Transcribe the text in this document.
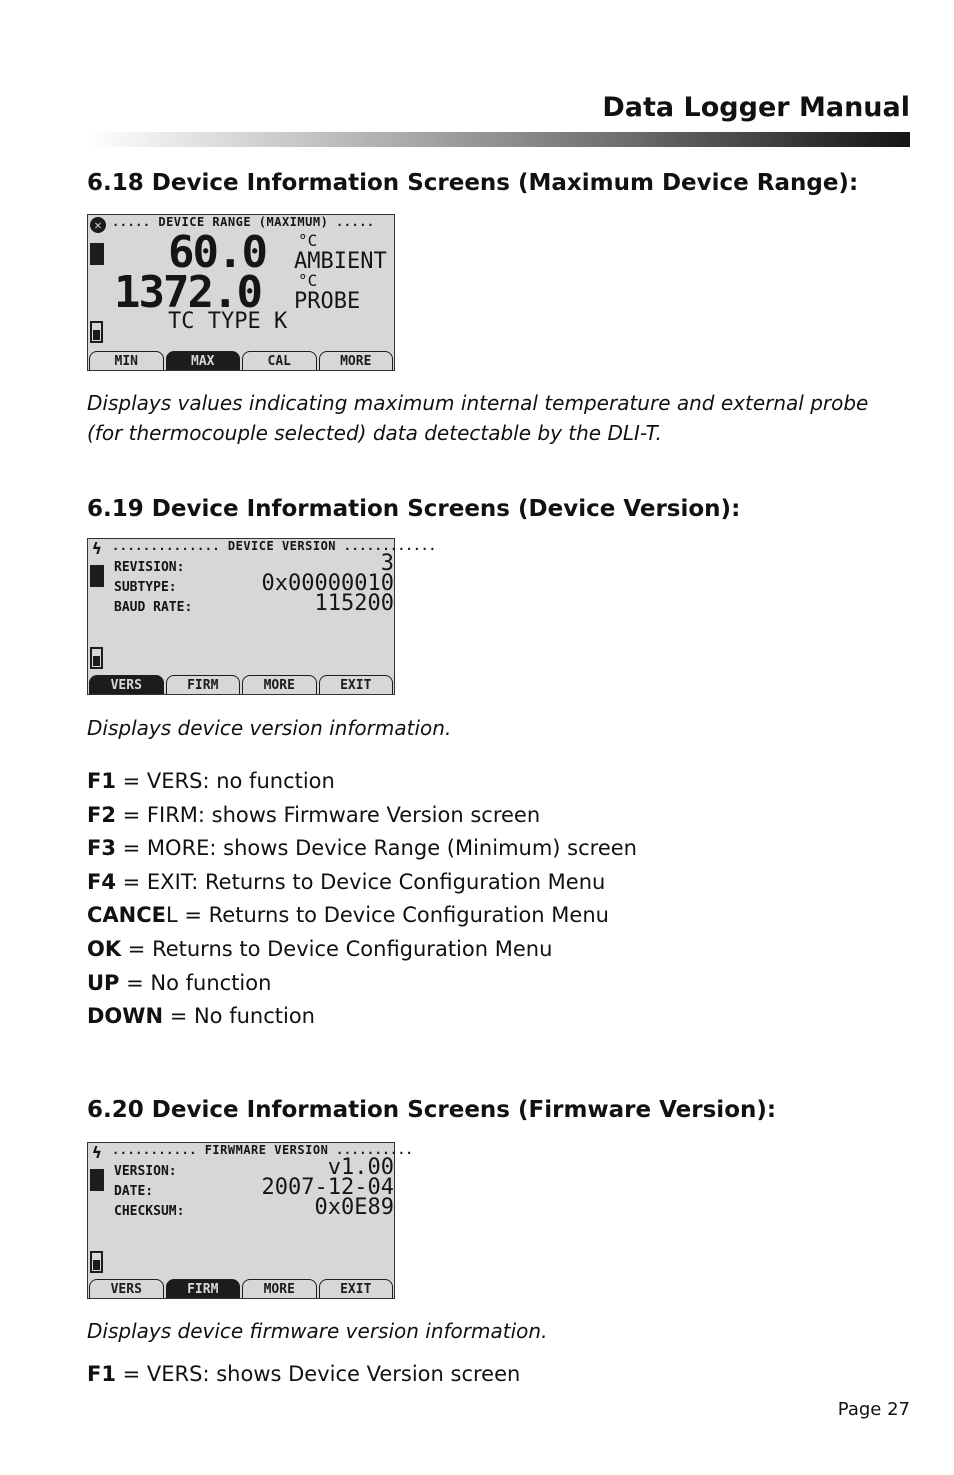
Data Logger Manual
6.18 Device Information Screens (Maximum Device Range):
✕ ..... DEVICE RANGE (MAXIMUM) .....
60.0 °C
AMBIENT
1372.0 °C
PROBE
TC TYPE K
MIN	MAX	CAL	MORE
Displays values indicating maximum internal temperature and external probe (for thermocouple selected) data detectable by the DLI-T.
6.19 Device Information Screens (Device Version):
ϟ .............. DEVICE VERSION ............
REVISION:	3
SUBTYPE:	0x00000010
BAUD RATE:	115200
VERS	FIRM	MORE	EXIT
Displays device version information.
F1 = VERS: no function
F2 = FIRM: shows Firmware Version screen
F3 = MORE: shows Device Range (Minimum) screen
F4 = EXIT: Returns to Device Configuration Menu
CANCEL = Returns to Device Configuration Menu
OK = Returns to Device Configuration Menu
UP = No function
DOWN = No function
6.20 Device Information Screens (Firmware Version):
ϟ ........... FIRWMARE VERSION ..........
VERSION:	v1.00
DATE:	2007-12-04
CHECKSUM:	0x0E89
VERS	FIRM	MORE	EXIT
Displays device firmware version information.
F1 = VERS: shows Device Version screen
Page 27
